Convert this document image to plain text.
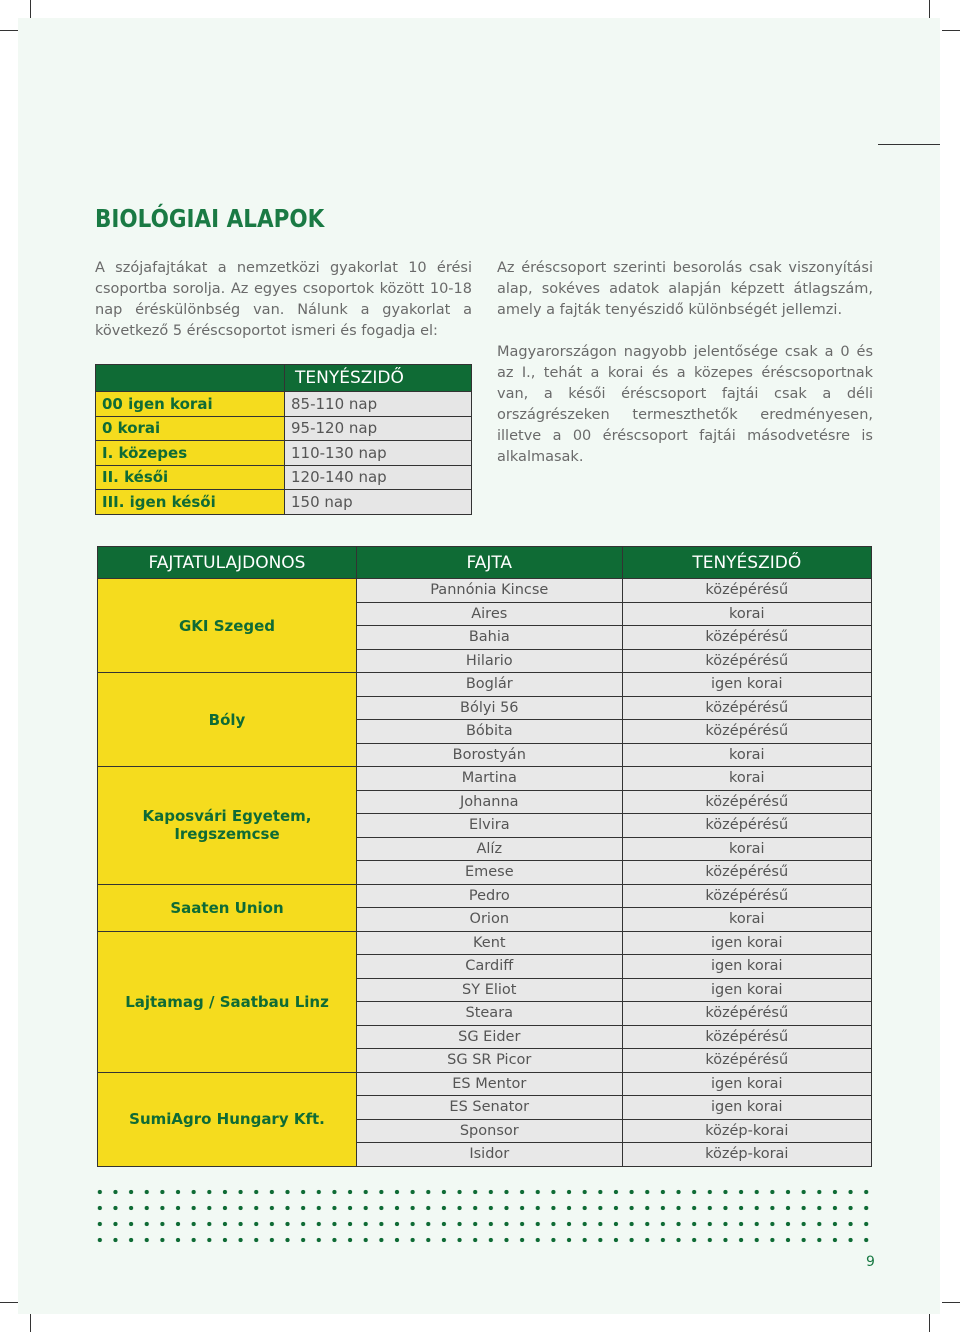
BIOLÓGIAI ALAPOK

A szójafajtákat a nemzetközi gyakorlat 10 érési csoportba sorolja. Az egyes csoportok között 10-18 nap éréskülönbség van. Nálunk a gyakorlat a következő 5 éréscsoportot ismeri és fogadja el:

Az éréscsoport szerinti besorolás csak viszonyítási alap, sokéves adatok alapján képzett átlagszám, amely a fajták tenyészidő különbségét jellemzi.

Magyarországon nagyobb jelentősége csak a 0 és az I., tehát a korai és a közepes éréscsoportnak van, a késői éréscsoport fajtái csak a déli országrészeken termeszthetők eredményesen, illetve a 00 éréscsoport fajtái másodvetésre is alkalmasak.

	TENYÉSZIDŐ
00 igen korai	85-110 nap
0 korai	95-120 nap
I. közepes	110-130 nap
II. késői	120-140 nap
III. igen késői	150 nap
FAJTATULAJDONOS	FAJTA	TENYÉSZIDŐ
GKI Szeged	Pannónia Kincse	középérésű
	Aires	korai
	Bahia	középérésű
	Hilario	középérésű
Bóly	Boglár	igen korai
	Bólyi 56	középérésű
	Bóbita	középérésű
	Borostyán	korai
Kaposvári Egyetem, Iregszemcse	Martina	korai
	Johanna	középérésű
	Elvira	középérésű
	Alíz	korai
	Emese	középérésű
Saaten Union	Pedro	középérésű
	Orion	korai
Lajtamag / Saatbau Linz	Kent	igen korai
	Cardiff	igen korai
	SY Eliot	igen korai
	Steara	középérésű
	SG Eider	középérésű
	SG SR Picor	középérésű
SumiAgro Hungary Kft.	ES Mentor	igen korai
	ES Senator	igen korai
	Sponsor	közép-korai
	Isidor	közép-korai
9
